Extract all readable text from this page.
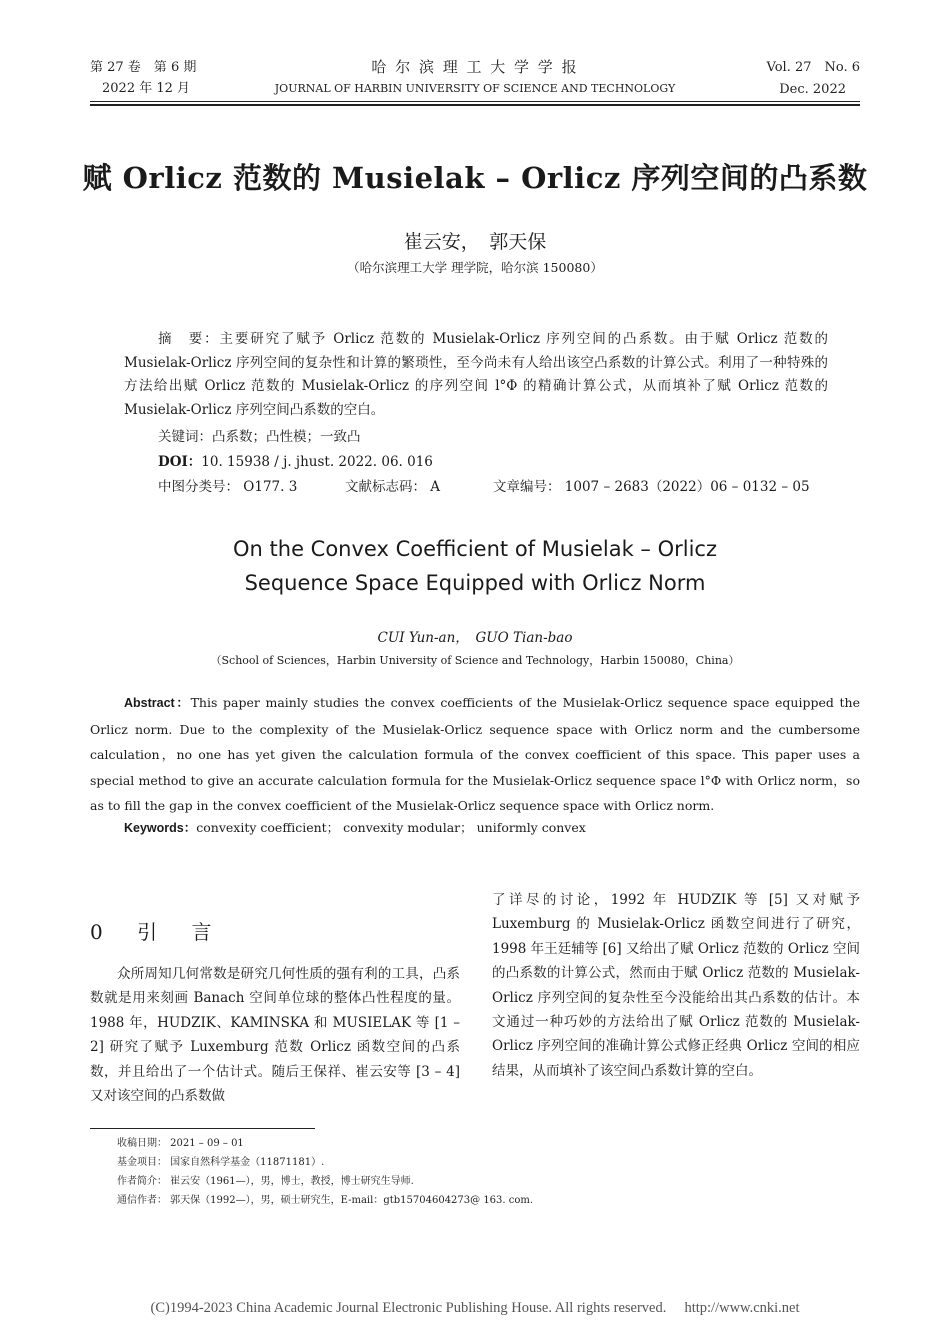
第 27 卷　第 6 期
2022 年 12 月
哈 尔 滨 理 工 大 学 学 报
JOURNAL OF HARBIN UNIVERSITY OF SCIENCE AND TECHNOLOGY
Vol. 27　No. 6
Dec. 2022
赋 Orlicz 范数的 Musielak – Orlicz 序列空间的凸系数
崔云安，　郭天保
（哈尔滨理工大学 理学院，哈尔滨 150080）
摘　要：主要研究了赋予 Orlicz 范数的 Musielak-Orlicz 序列空间的凸系数。由于赋 Orlicz 范数的 Musielak-Orlicz 序列空间的复杂性和计算的繁琐性，至今尚未有人给出该空凸系数的计算公式。利用了一种特殊的方法给出赋 Orlicz 范数的 Musielak-Orlicz 的序列空间 l°Φ 的精确计算公式，从而填补了赋 Orlicz 范数的 Musielak-Orlicz 序列空间凸系数的空白。
关键词：凸系数；凸性模；一致凸
DOI：10. 15938 / j. jhust. 2022. 06. 016
中图分类号： O177. 3	文献标志码： A	文章编号： 1007 – 2683（2022）06 – 0132 – 05
On the Convex Coefficient of Musielak – Orlicz
Sequence Space Equipped with Orlicz Norm
CUI Yun-an，　GUO Tian-bao
（School of Sciences，Harbin University of Science and Technology，Harbin 150080，China）
Abstract：This paper mainly studies the convex coefficients of the Musielak-Orlicz sequence space equipped the Orlicz norm. Due to the complexity of the Musielak-Orlicz sequence space with Orlicz norm and the cumbersome calculation，no one has yet given the calculation formula of the convex coefficient of this space. This paper uses a special method to give an accurate calculation formula for the Musielak-Orlicz sequence space l°Φ with Orlicz norm，so as to fill the gap in the convex coefficient of the Musielak-Orlicz sequence space with Orlicz norm.
Keywords：convexity coefficient； convexity modular； uniformly convex
0 引 言
众所周知几何常数是研究几何性质的强有利的工具，凸系数就是用来刻画 Banach 空间单位球的整体凸性程度的量。1988 年，HUDZIK、KAMINSKA 和 MUSIELAK 等 [1 – 2] 研究了赋予 Luxemburg 范数 Orlicz 函数空间的凸系数，并且给出了一个估计式。随后王保祥、崔云安等 [3 – 4] 又对该空间的凸系数做
了详尽的讨论，1992 年 HUDZIK 等 [5] 又对赋予 Luxemburg 的 Musielak-Orlicz 函数空间进行了研究，1998 年王廷辅等 [6] 又给出了赋 Orlicz 范数的 Orlicz 空间的凸系数的计算公式，然而由于赋 Orlicz 范数的 Musielak-Orlicz 序列空间的复杂性至今没能给出其凸系数的估计。本文通过一种巧妙的方法给出了赋 Orlicz 范数的 Musielak-Orlicz 序列空间的准确计算公式修正经典 Orlicz 空间的相应结果，从而填补了该空间凸系数计算的空白。
收稿日期： 2021 – 09 – 01
基金项目： 国家自然科学基金（11871181）.
作者简介： 崔云安（1961—），男，博士，教授，博士研究生导师.
通信作者： 郭天保（1992—），男，硕士研究生，E-mail：gtb15704604273@ 163. com.
(C)1994-2023 China Academic Journal Electronic Publishing House. All rights reserved.　 http://www.cnki.net
